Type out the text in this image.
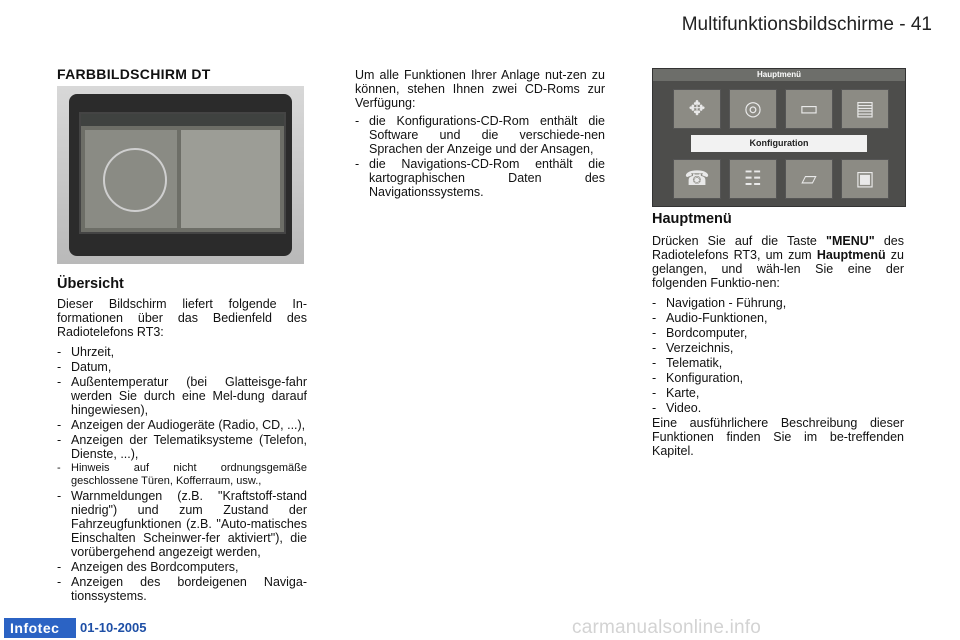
Multifunktionsbildschirme - 41
FARBBILDSCHIRM DT
Übersicht
Dieser Bildschirm liefert folgende In-formationen über das Bedienfeld des Radiotelefons RT3:
- Uhrzeit,
- Datum,
- Außentemperatur (bei Glatteisge-fahr werden Sie durch eine Mel-dung darauf hingewiesen),
- Anzeigen der Audiogeräte (Radio, CD, ...),
- Anzeigen der Telematiksysteme (Telefon, Dienste, ...),
- Hinweis auf nicht ordnungsgemäße geschlossene Türen, Kofferraum, usw.,
- Warnmeldungen (z.B. "Kraftstoff-stand niedrig") und zum Zustand der Fahrzeugfunktionen (z.B. "Auto-matisches Einschalten Scheinwer-fer aktiviert"), die vorübergehend angezeigt werden,
- Anzeigen des Bordcomputers,
- Anzeigen des bordeigenen Naviga-tionssystems.
Um alle Funktionen Ihrer Anlage nut-zen zu können, stehen Ihnen zwei CD-Roms zur Verfügung:
- die Konfigurations-CD-Rom enthält die Software und die verschiede-nen Sprachen der Anzeige und der Ansagen,
- die Navigations-CD-Rom enthält die kartographischen Daten des Navigationssystems.
Hauptmenü
✥	◎	▭	▤
Konfiguration
☎	☷	▱	▣
Hauptmenü
Drücken Sie auf die Taste "MENU" des Radiotelefons RT3, um zum Hauptmenü zu gelangen, und wäh-len Sie eine der folgenden Funktio-nen:
- Navigation - Führung,
- Audio-Funktionen,
- Bordcomputer,
- Verzeichnis,
- Telematik,
- Konfiguration,
- Karte,
- Video.
Eine ausführlichere Beschreibung dieser Funktionen finden Sie im be-treffenden Kapitel.
Infotec	01-10-2005	carmanualsonline.info
